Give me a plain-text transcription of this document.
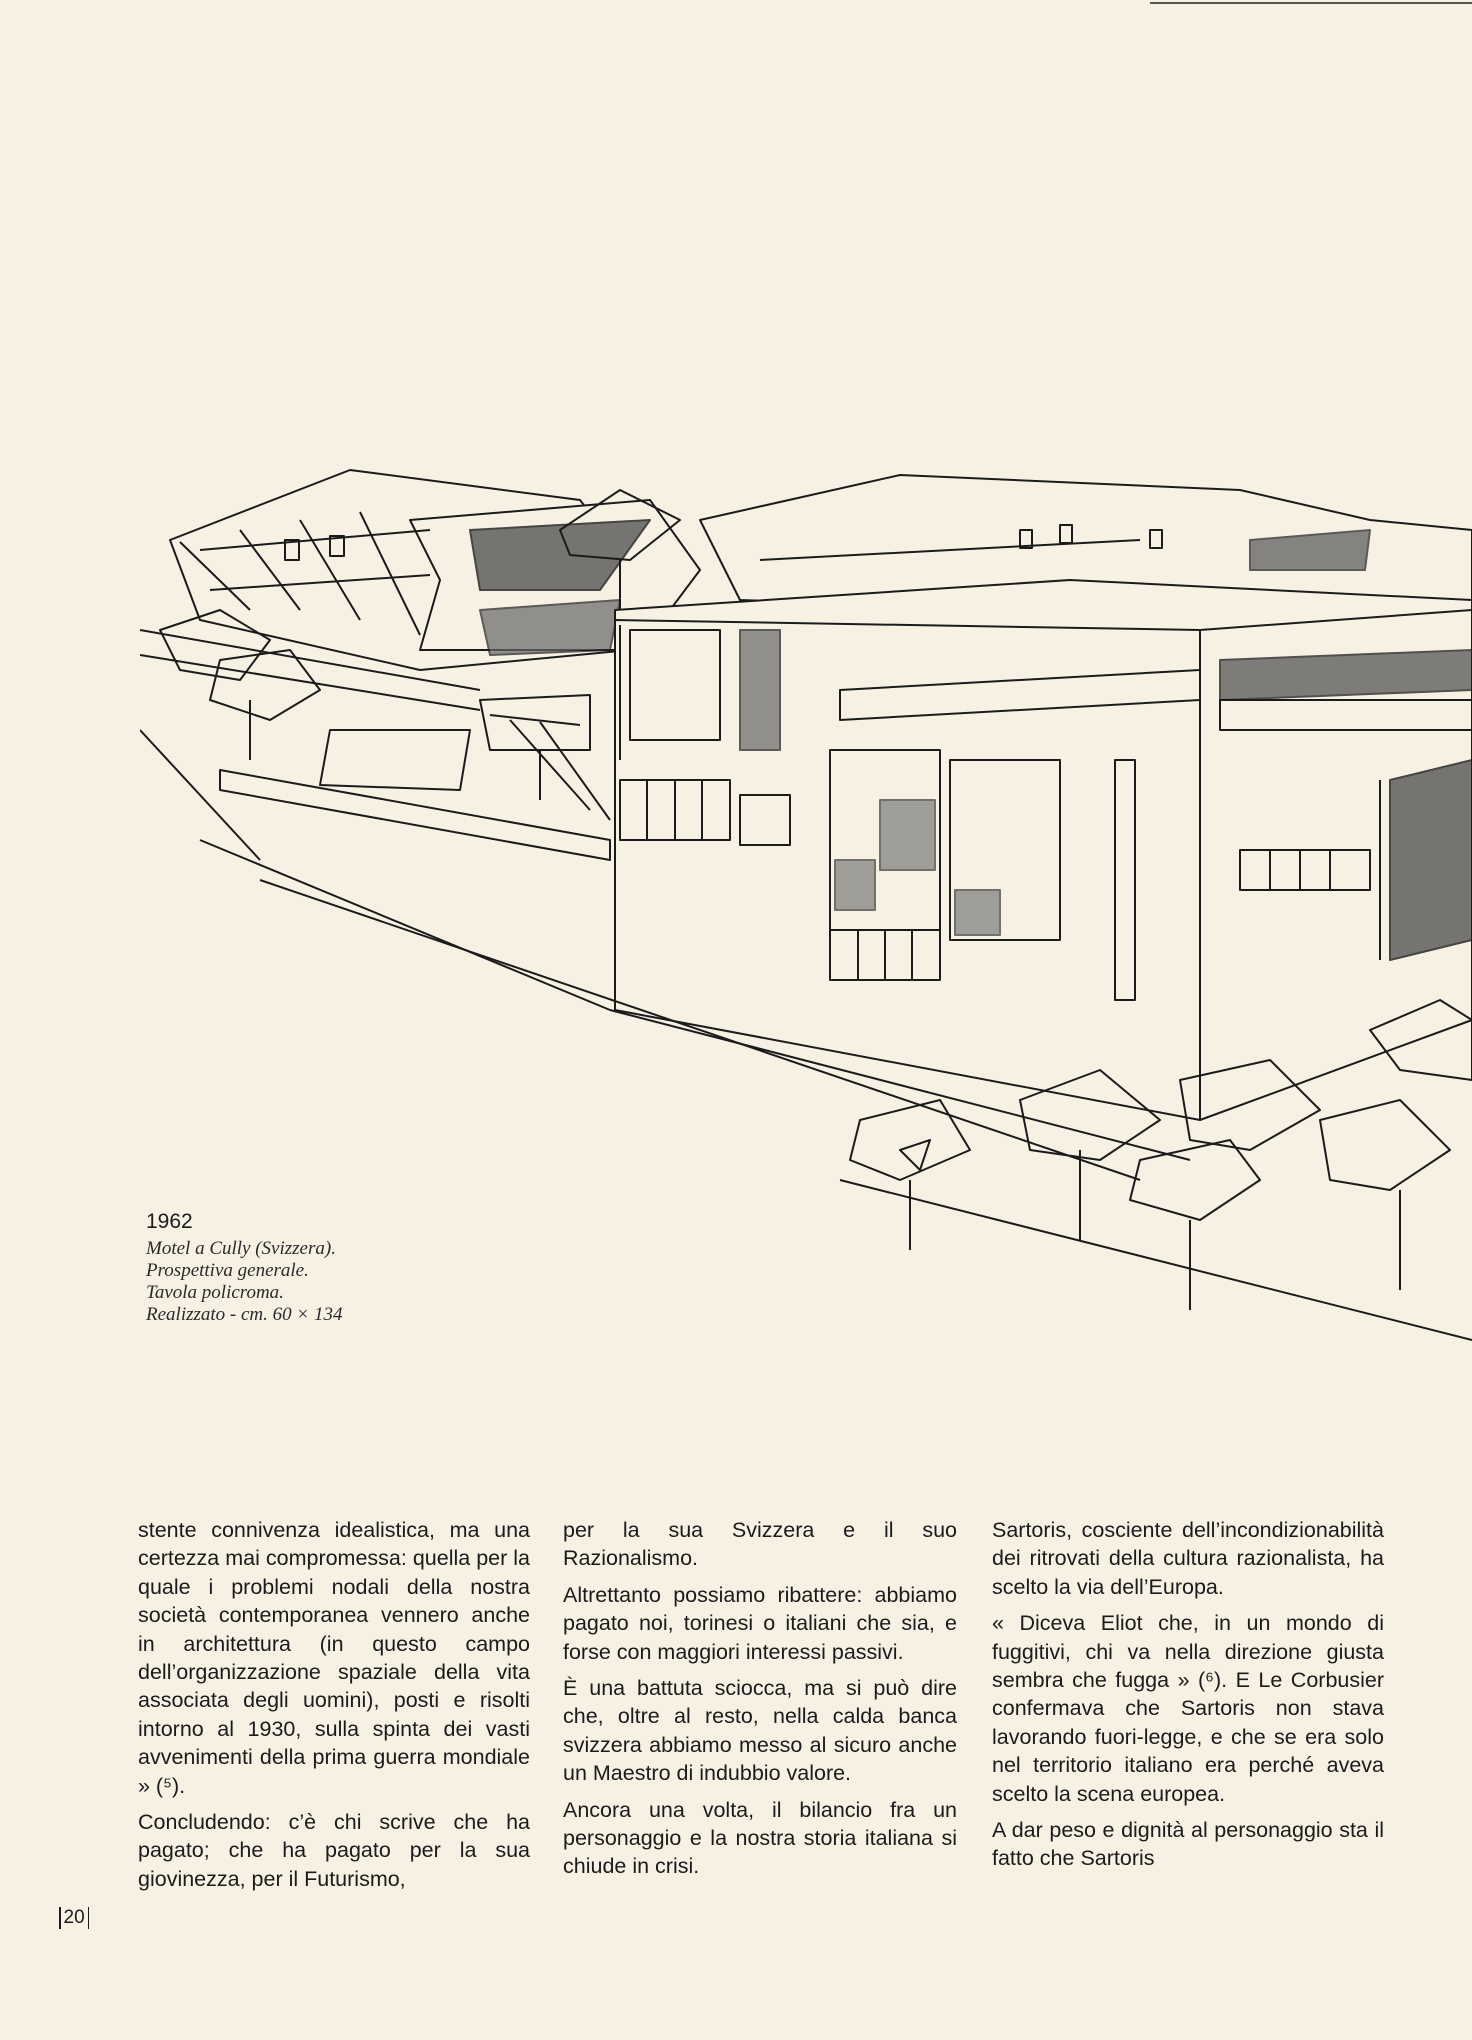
1962
Motel a Cully (Svizzera).
Prospettiva generale.
Tavola policroma.
Realizzato - cm. 60 × 134

stente connivenza idealistica, ma una certezza mai compromessa: quella per la quale i problemi nodali della nostra società contemporanea vennero anche in architettura (in questo campo dell’organizzazione spaziale della vita associata degli uomini), posti e risolti intorno al 1930, sulla spinta dei vasti avvenimenti della prima guerra mondiale » (⁵).

Concludendo: c’è chi scrive che ha pagato; che ha pagato per la sua giovinezza, per il Futurismo,

per la sua Svizzera e il suo Razionalismo.

Altrettanto possiamo ribattere: abbiamo pagato noi, torinesi o italiani che sia, e forse con maggiori interessi passivi.

È una battuta sciocca, ma si può dire che, oltre al resto, nella calda banca svizzera abbiamo messo al sicuro anche un Maestro di indubbio valore.

Ancora una volta, il bilancio fra un personaggio e la nostra storia italiana si chiude in crisi.

Sartoris, cosciente dell’incondizionabilità dei ritrovati della cultura razionalista, ha scelto la via dell’Europa.

« Diceva Eliot che, in un mondo di fuggitivi, chi va nella direzione giusta sembra che fugga » (⁶). E Le Corbusier confermava che Sartoris non stava lavorando fuori-legge, e che se era solo nel territorio italiano era perché aveva scelto la scena europea.

A dar peso e dignità al personaggio sta il fatto che Sartoris

20
